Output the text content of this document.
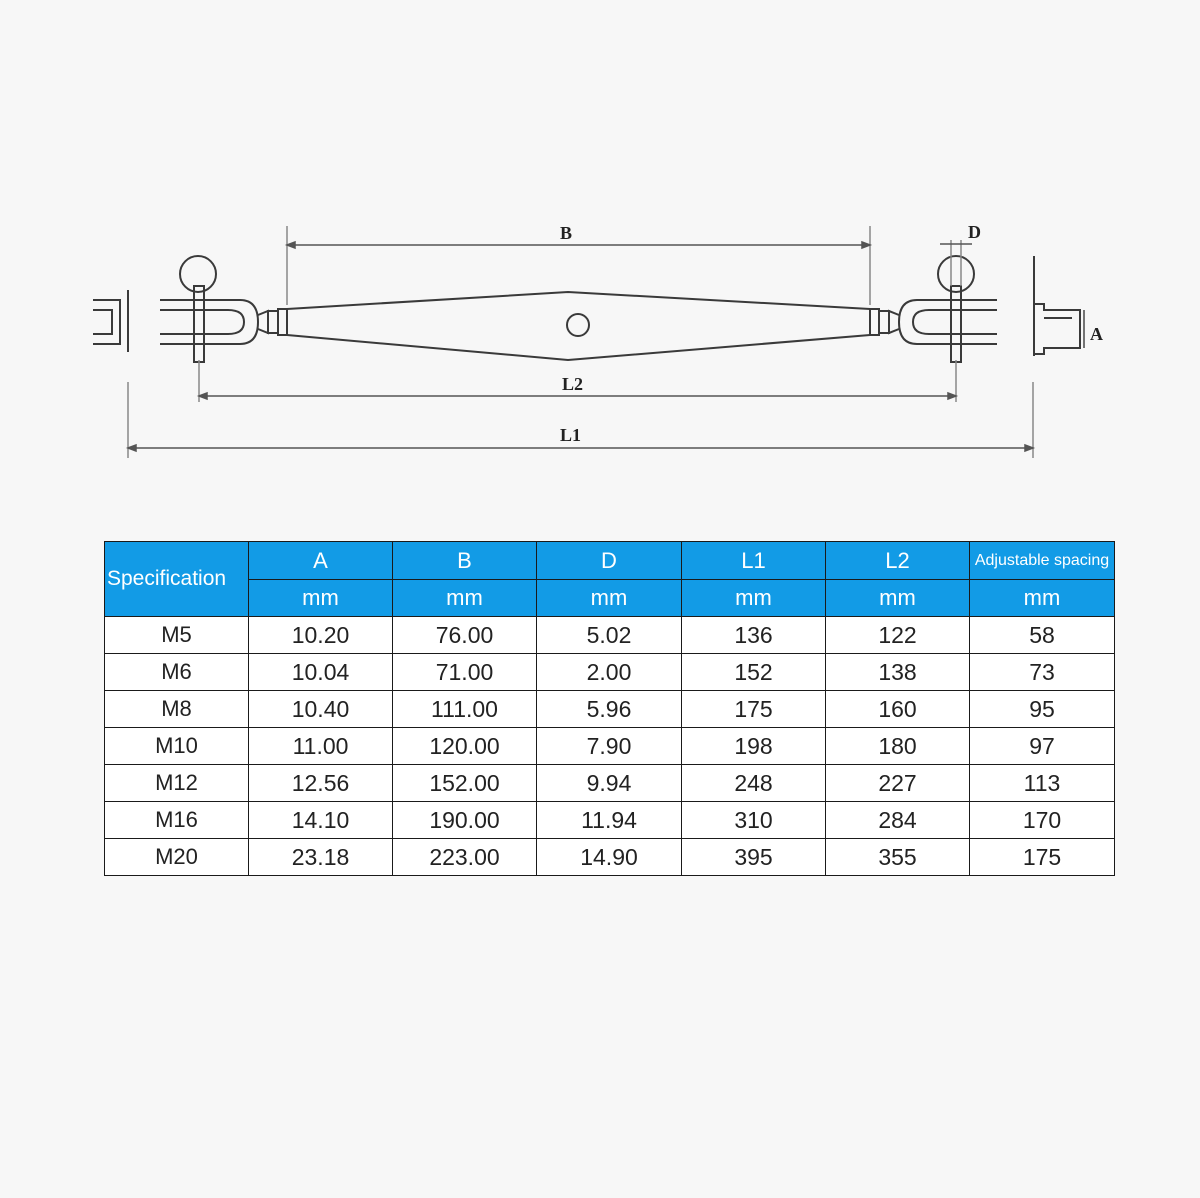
B	D
A
L2
L1
Specification	A	B	D	L1	L2	Adjustable spacing
	mm	mm	mm	mm	mm	mm
M5	10.20	76.00	5.02	136	122	58
M6	10.04	71.00	2.00	152	138	73
M8	10.40	111.00	5.96	175	160	95
M10	11.00	120.00	7.90	198	180	97
M12	12.56	152.00	9.94	248	227	113
M16	14.10	190.00	11.94	310	284	170
M20	23.18	223.00	14.90	395	355	175
